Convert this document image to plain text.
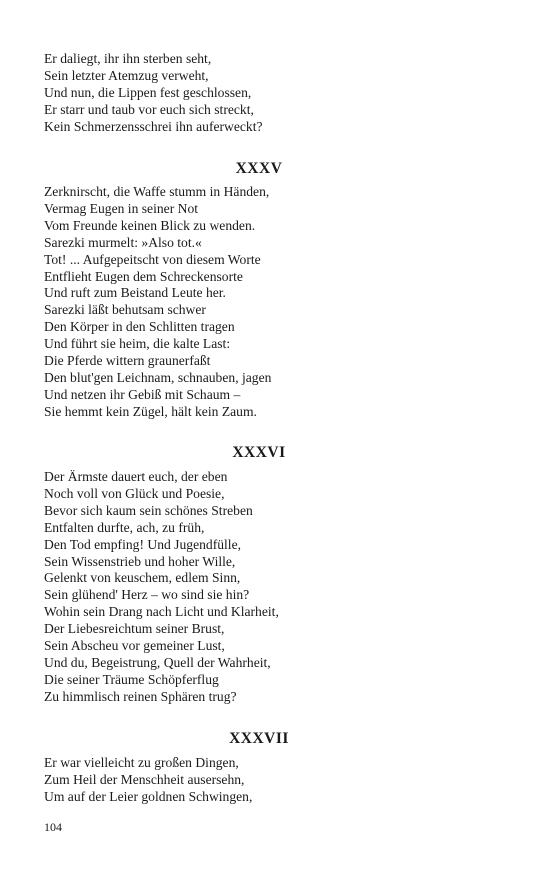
Er daliegt, ihr ihn sterben seht,
Sein letzter Atemzug verweht,
Und nun, die Lippen fest geschlossen,
Er starr und taub vor euch sich streckt,
Kein Schmerzensschrei ihn auferweckt?
XXXV
Zerknirscht, die Waffe stumm in Händen,
Vermag Eugen in seiner Not
Vom Freunde keinen Blick zu wenden.
Sarezki murmelt: »Also tot.«
Tot! ... Aufgepeitscht von diesem Worte
Entflieht Eugen dem Schreckensorte
Und ruft zum Beistand Leute her.
Sarezki läßt behutsam schwer
Den Körper in den Schlitten tragen
Und führt sie heim, die kalte Last:
Die Pferde wittern graunerfaßt
Den blut'gen Leichnam, schnauben, jagen
Und netzen ihr Gebiß mit Schaum –
Sie hemmt kein Zügel, hält kein Zaum.
XXXVI
Der Ärmste dauert euch, der eben
Noch voll von Glück und Poesie,
Bevor sich kaum sein schönes Streben
Entfalten durfte, ach, zu früh,
Den Tod empfing! Und Jugendfülle,
Sein Wissenstrieb und hoher Wille,
Gelenkt von keuschem, edlem Sinn,
Sein glühend' Herz – wo sind sie hin?
Wohin sein Drang nach Licht und Klarheit,
Der Liebesreichtum seiner Brust,
Sein Abscheu vor gemeiner Lust,
Und du, Begeistrung, Quell der Wahrheit,
Die seiner Träume Schöpferflug
Zu himmlisch reinen Sphären trug?
XXXVII
Er war vielleicht zu großen Dingen,
Zum Heil der Menschheit ausersehn,
Um auf der Leier goldnen Schwingen,
104
